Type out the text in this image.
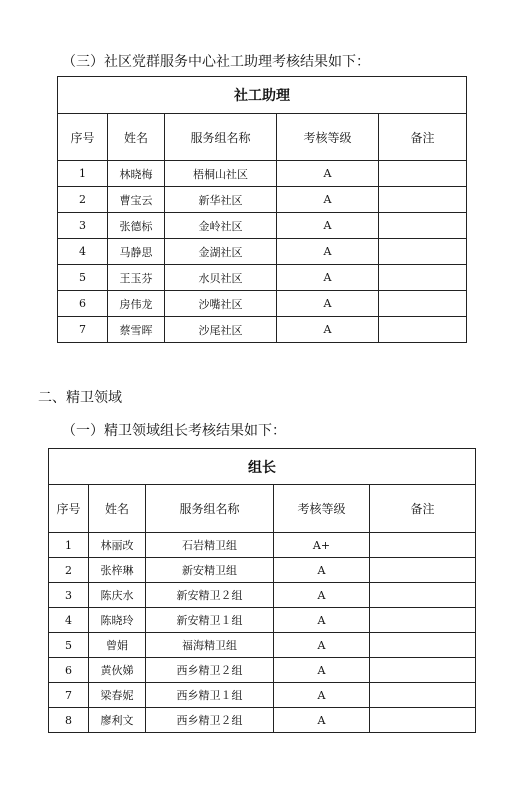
（三）社区党群服务中心社工助理考核结果如下：
社工助理				
序号	姓名	服务组名称	考核等级	备注
1	林晓梅	梧桐山社区	A	
2	曹宝云	新华社区	A	
3	张德标	金岭社区	A	
4	马静思	金湖社区	A	
5	王玉芬	水贝社区	A	
6	房伟龙	沙嘴社区	A	
7	蔡雪晖	沙尾社区	A	
二、精卫领域
（一）精卫领域组长考核结果如下：
组长				
序号	姓名	服务组名称	考核等级	备注
1	林丽改	石岩精卫组	A+	
2	张梓琳	新安精卫组	A	
3	陈庆水	新安精卫２组	A	
4	陈晓玲	新安精卫１组	A	
5	曾娟	福海精卫组	A	
6	黄伙娣	西乡精卫２组	A	
7	梁春妮	西乡精卫１组	A	
8	廖利文	西乡精卫２组	A	
